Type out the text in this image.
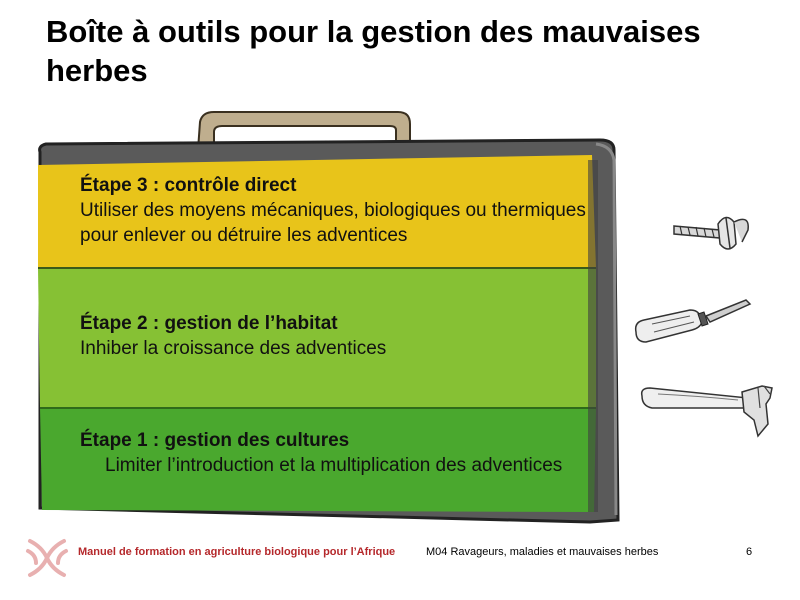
Boîte à outils pour la gestion des mauvaises herbes
Étape 3 : contrôle direct
Utiliser des moyens mécaniques, biologiques ou thermiques pour enlever ou détruire les adventices
Étape 2 : gestion de l’habitat
Inhiber la croissance des adventices
Étape 1 : gestion des cultures
Limiter l’introduction et la multiplication des adventices
Manuel de formation en agriculture biologique pour l’Afrique	M04 Ravageurs, maladies et mauvaises herbes	6
